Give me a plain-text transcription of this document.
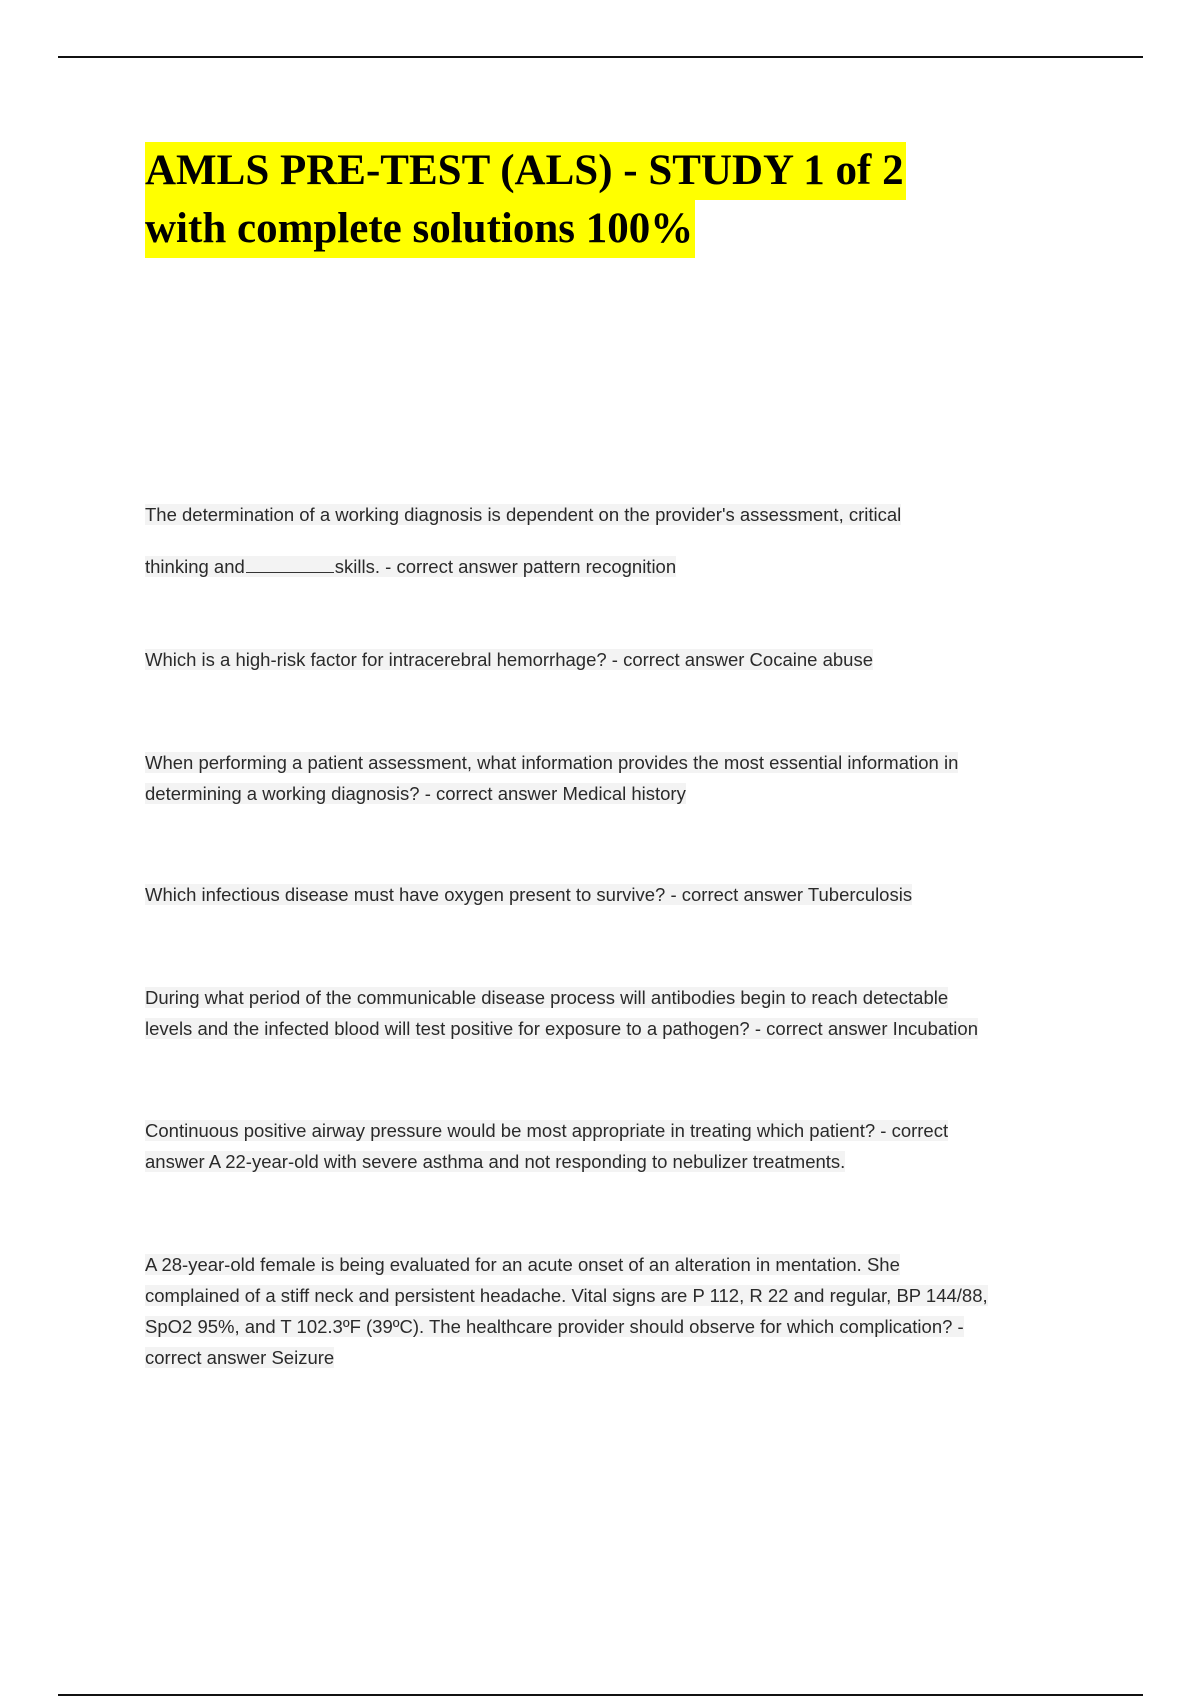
AMLS PRE-TEST (ALS) - STUDY 1 of 2
with complete solutions 100%
The determination of a working diagnosis is dependent on the provider's assessment, critical
thinking and	skills. - correct answer pattern recognition
Which is a high-risk factor for intracerebral hemorrhage? - correct answer Cocaine abuse
When performing a patient assessment, what information provides the most essential information in
determining a working diagnosis? - correct answer Medical history
Which infectious disease must have oxygen present to survive? - correct answer Tuberculosis
During what period of the communicable disease process will antibodies begin to reach detectable
levels and the infected blood will test positive for exposure to a pathogen? - correct answer Incubation
Continuous positive airway pressure would be most appropriate in treating which patient? - correct
answer A 22-year-old with severe asthma and not responding to nebulizer treatments.
A 28-year-old female is being evaluated for an acute onset of an alteration in mentation. She
complained of a stiff neck and persistent headache. Vital signs are P 112, R 22 and regular, BP 144/88,
SpO2 95%, and T 102.3ºF (39ºC). The healthcare provider should observe for which complication? -
correct answer Seizure
